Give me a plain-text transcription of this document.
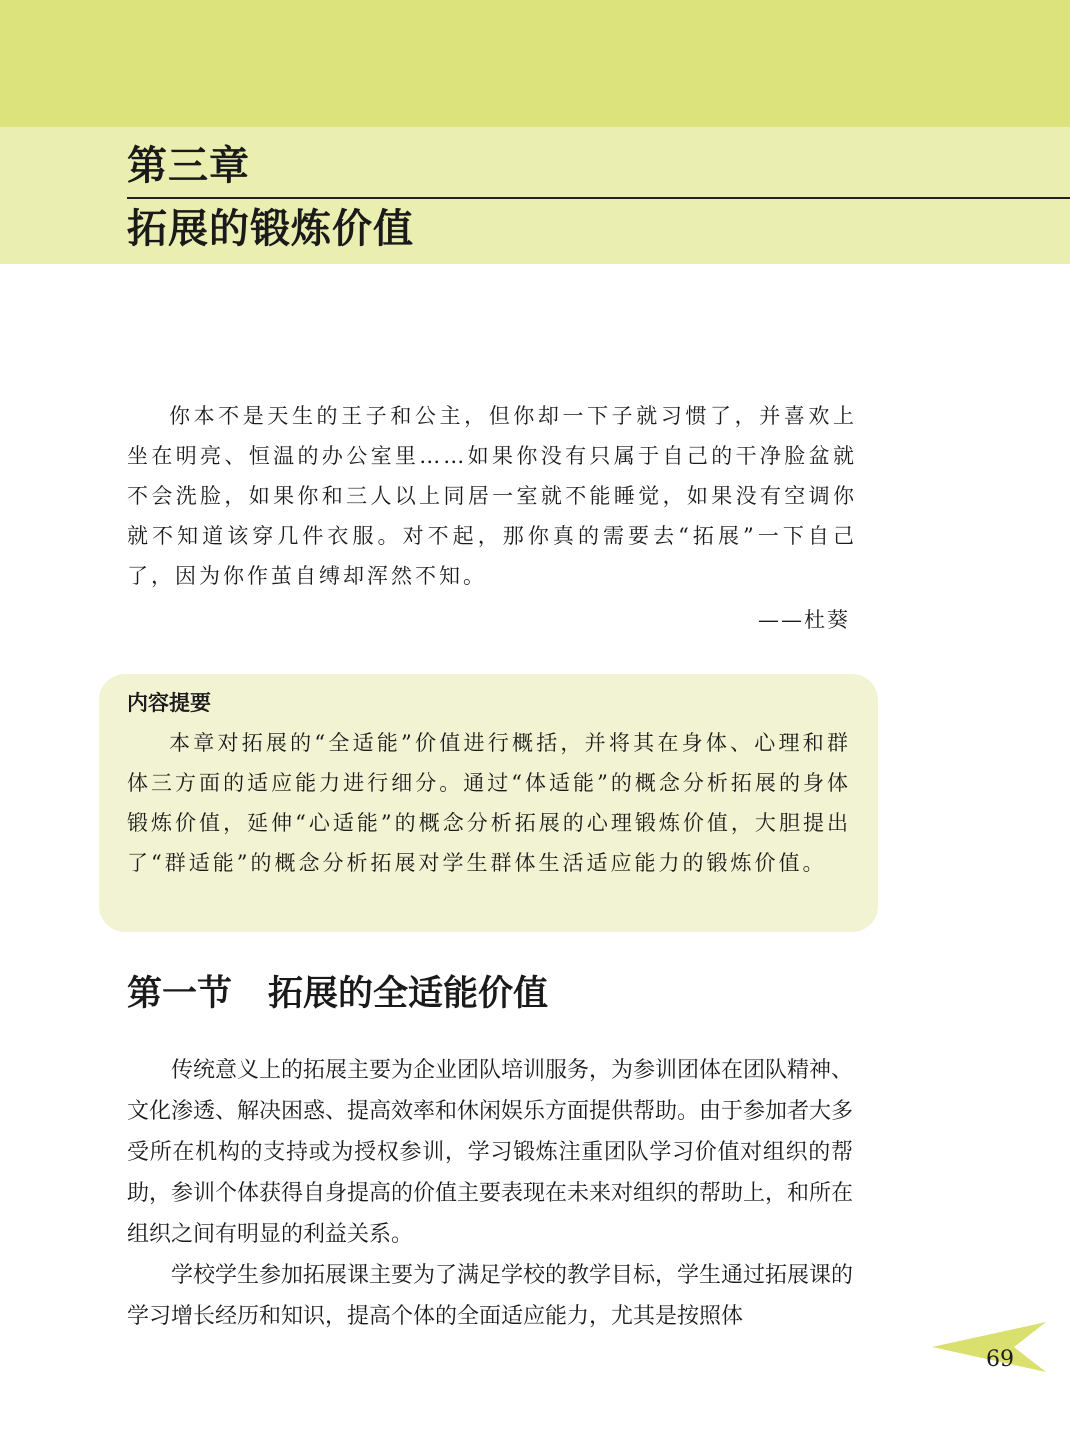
第三章
拓展的锻炼价值

你本不是天生的王子和公主，但你却一下子就习惯了，并喜欢上坐在明亮、恒温的办公室里……如果你没有只属于自己的干净脸盆就不会洗脸，如果你和三人以上同居一室就不能睡觉，如果没有空调你就不知道该穿几件衣服。对不起，那你真的需要去“拓展”一下自己了，因为你作茧自缚却浑然不知。

——杜葵
内容提要

本章对拓展的“全适能”价值进行概括，并将其在身体、心理和群体三方面的适应能力进行细分。通过“体适能”的概念分析拓展的身体锻炼价值，延伸“心适能”的概念分析拓展的心理锻炼价值，大胆提出了“群适能”的概念分析拓展对学生群体生活适应能力的锻炼价值。

第一节 拓展的全适能价值

传统意义上的拓展主要为企业团队培训服务，为参训团体在团队精神、文化渗透、解决困惑、提高效率和休闲娱乐方面提供帮助。由于参加者大多受所在机构的支持或为授权参训，学习锻炼注重团队学习价值对组织的帮助，参训个体获得自身提高的价值主要表现在未来对组织的帮助上，和所在组织之间有明显的利益关系。

学校学生参加拓展课主要为了满足学校的教学目标，学生通过拓展课的学习增长经历和知识，提高个体的全面适应能力，尤其是按照体

69
